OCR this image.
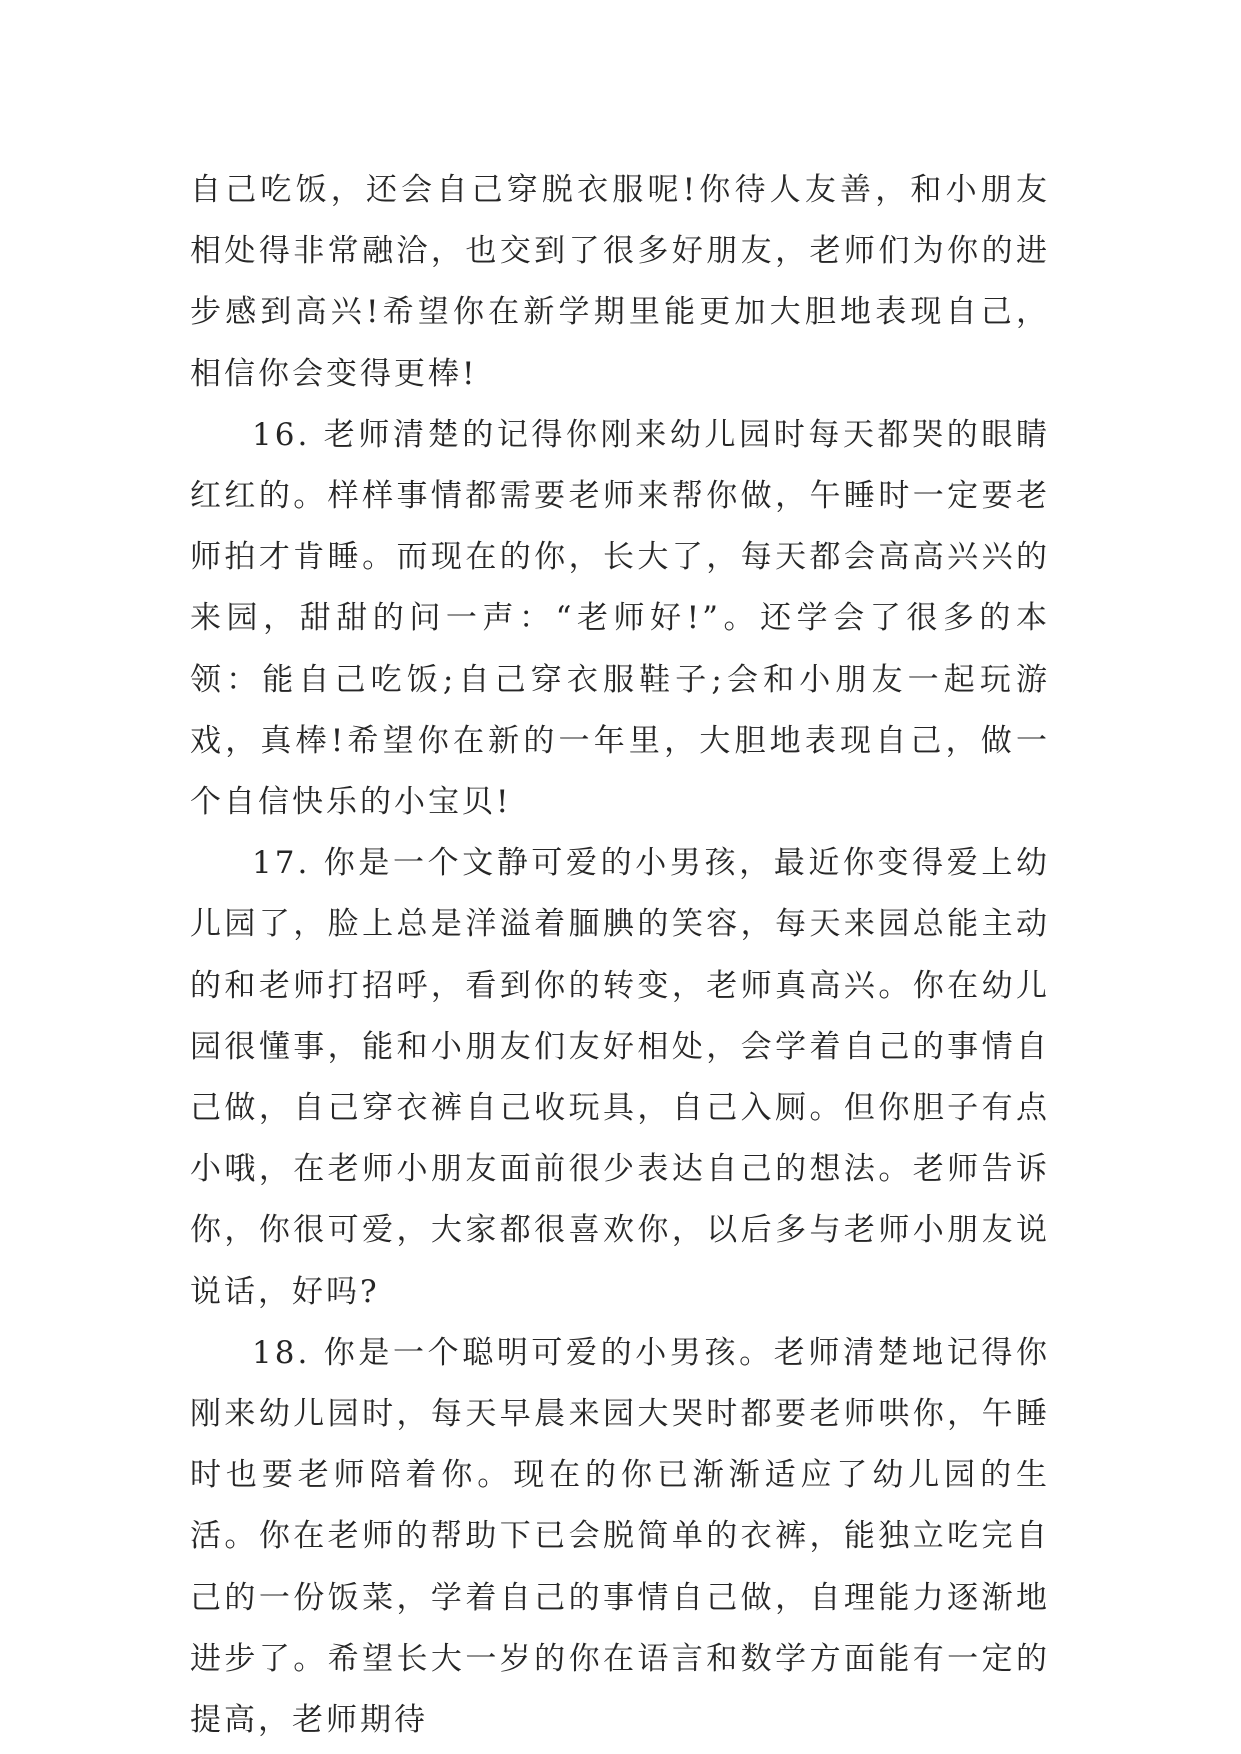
自己吃饭，还会自己穿脱衣服呢!你待人友善，和小朋友相处得非常融洽，也交到了很多好朋友，老师们为你的进步感到高兴!希望你在新学期里能更加大胆地表现自己，相信你会变得更棒!

16. 老师清楚的记得你刚来幼儿园时每天都哭的眼睛红红的。样样事情都需要老师来帮你做，午睡时一定要老师拍才肯睡。而现在的你，长大了，每天都会高高兴兴的来园，甜甜的问一声：“老师好!”。还学会了很多的本领：能自己吃饭;自己穿衣服鞋子;会和小朋友一起玩游戏，真棒!希望你在新的一年里，大胆地表现自己，做一个自信快乐的小宝贝!

17. 你是一个文静可爱的小男孩，最近你变得爱上幼儿园了，脸上总是洋溢着腼腆的笑容，每天来园总能主动的和老师打招呼，看到你的转变，老师真高兴。你在幼儿园很懂事，能和小朋友们友好相处，会学着自己的事情自己做，自己穿衣裤自己收玩具，自己入厕。但你胆子有点小哦，在老师小朋友面前很少表达自己的想法。老师告诉你，你很可爱，大家都很喜欢你，以后多与老师小朋友说说话，好吗?

18. 你是一个聪明可爱的小男孩。老师清楚地记得你刚来幼儿园时，每天早晨来园大哭时都要老师哄你，午睡时也要老师陪着你。现在的你已渐渐适应了幼儿园的生活。你在老师的帮助下已会脱简单的衣裤，能独立吃完自己的一份饭菜，学着自己的事情自己做，自理能力逐渐地进步了。希望长大一岁的你在语言和数学方面能有一定的提高，老师期待
